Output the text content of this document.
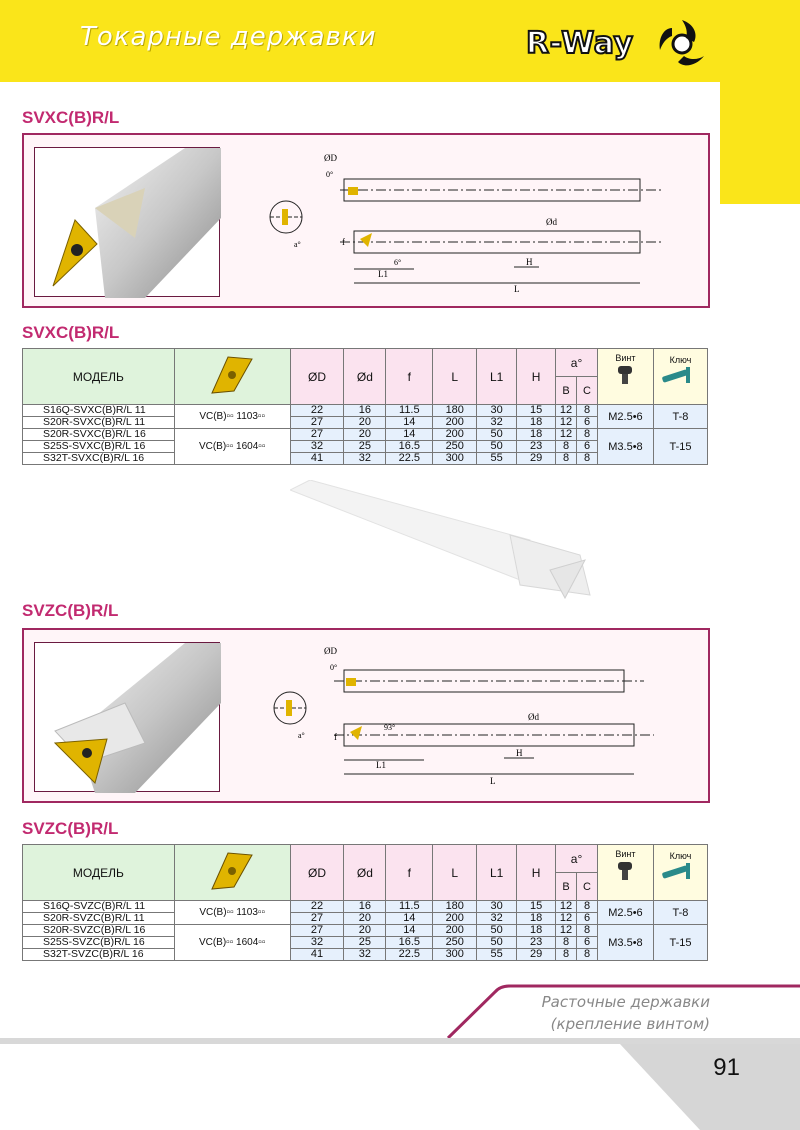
Токарные державки	R-Way
SVXC(B)R/L
ØD
0°
Ød
f
a°
6°
L1
H
L
SVXC(B)R/L
МОДЕЛЬ		ØD	Ød	f	L	L1	H	a°		Винт	Ключ

								B	C		
S16Q-SVXC(B)R/L 11	VC(B)▫▫ 1103▫▫	22	16	11.5	180	30	15	12	8	M2.5•6	T-8
S20R-SVXC(B)R/L 11		27	20	14	200	32	18	12	6		
S20R-SVXC(B)R/L 16	VC(B)▫▫ 1604▫▫	27	20	14	200	50	18	12	8	M3.5•8	T-15
S25S-SVXC(B)R/L 16		32	25	16.5	250	50	23	8	6		
S32T-SVXC(B)R/L 16		41	32	22.5	300	55	29	8	8		
SVZC(B)R/L
ØD
0°
Ød
93°
f
a°
L1
H
L
SVZC(B)R/L
МОДЕЛЬ		ØD	Ød	f	L	L1	H	a°		Винт	Ключ

								B	C		
S16Q-SVZC(B)R/L 11	VC(B)▫▫ 1103▫▫	22	16	11.5	180	30	15	12	8	M2.5•6	T-8
S20R-SVZC(B)R/L 11		27	20	14	200	32	18	12	6		
S20R-SVZC(B)R/L 16	VC(B)▫▫ 1604▫▫	27	20	14	200	50	18	12	8	M3.5•8	T-15
S25S-SVZC(B)R/L 16		32	25	16.5	250	50	23	8	6		
S32T-SVZC(B)R/L 16		41	32	22.5	300	55	29	8	8		
Расточные державки
(крепление винтом)
91
